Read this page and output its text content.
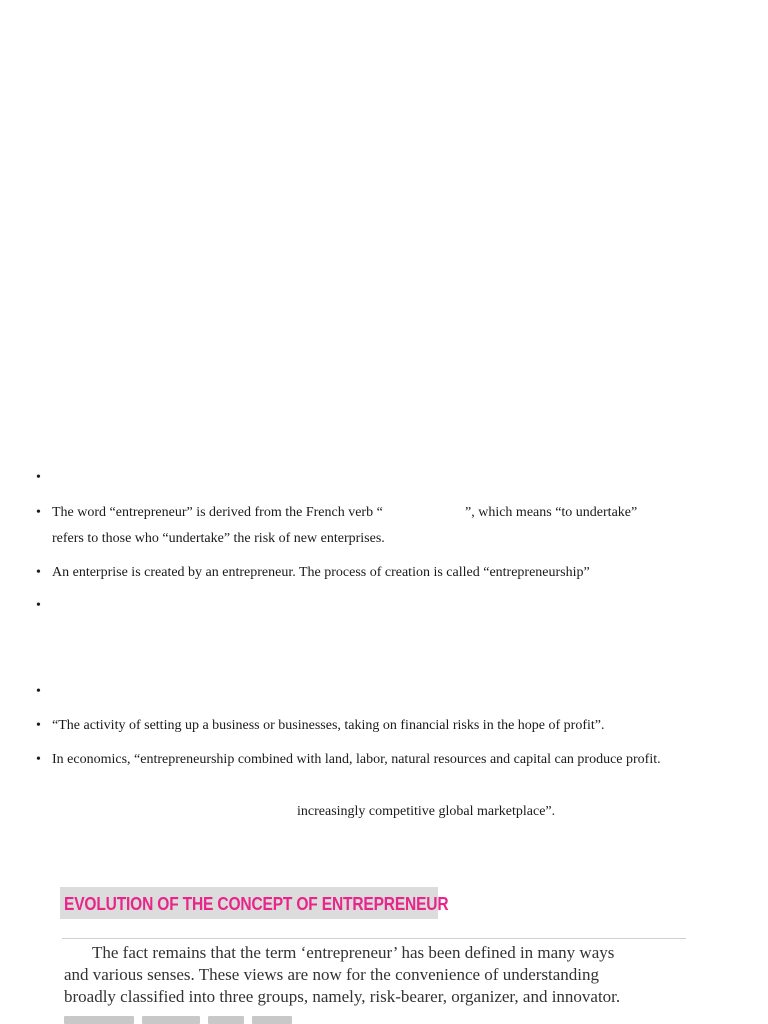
•
•
•
•
•
•
•
The word “entrepreneur” is derived from the French verb “	”, which means “to undertake”
refers to those who “undertake” the risk of new enterprises.
An enterprise is created by an entrepreneur. The process of creation is called “entrepreneurship”
“The activity of setting up a business or businesses, taking on financial risks in the hope of profit”.
In economics, “entrepreneurship combined with land, labor, natural resources and capital can produce profit.
increasingly competitive global marketplace”.
EVOLUTION OF THE CONCEPT OF ENTREPRENEUR
The fact remains that the term ‘entrepreneur’ has been defined in many ways
and various senses. These views are now for the convenience of understanding
broadly classified into three groups, namely, risk-bearer, organizer, and innovator.
